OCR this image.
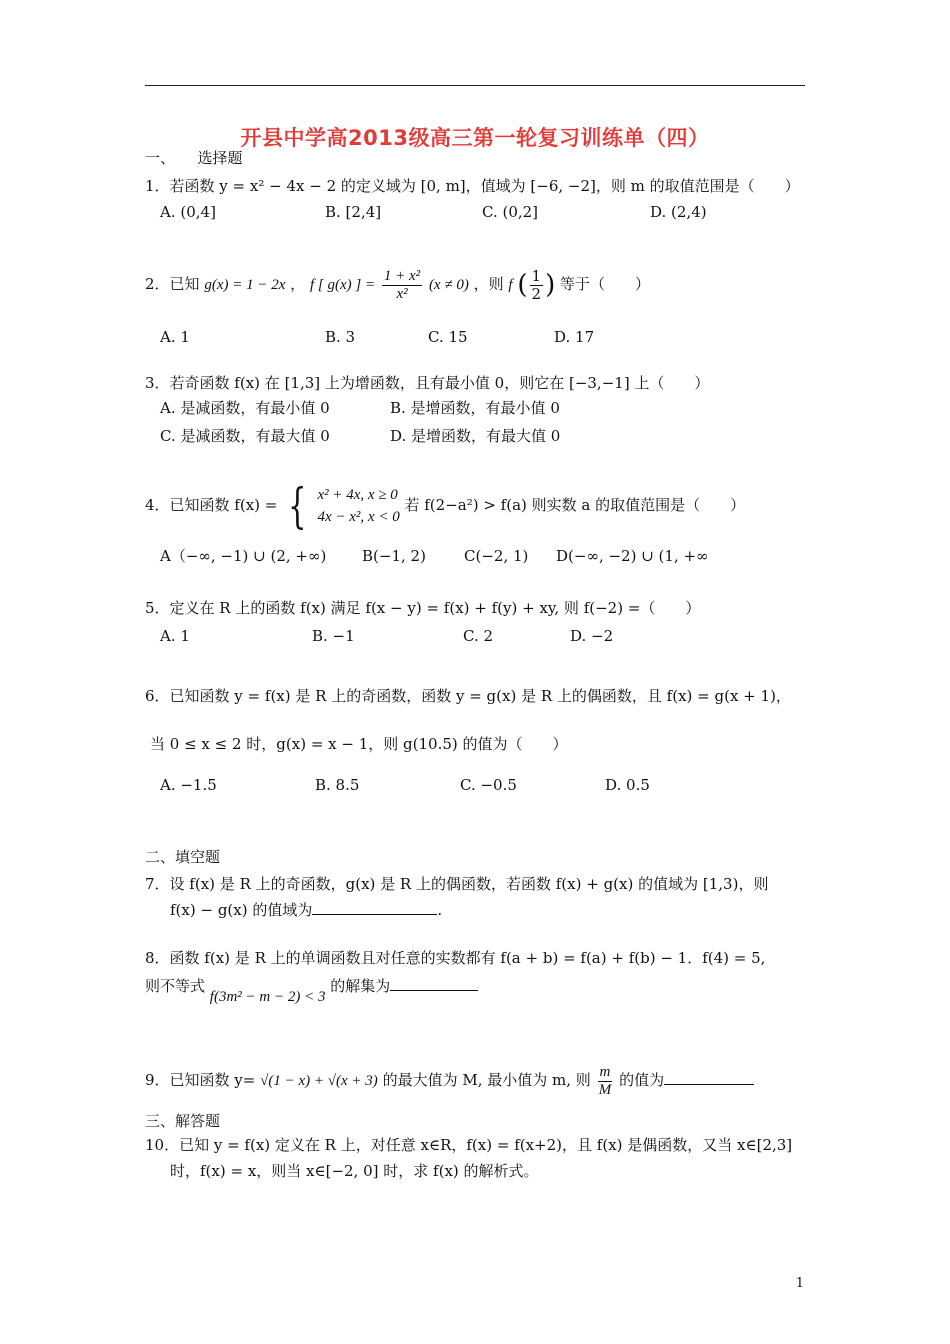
开县中学高2013级高三第一轮复习训练单（四）
一、　　选择题
1．若函数 y = x² − 4x − 2 的定义域为 [0, m]，值域为 [−6, −2]，则 m 的取值范围是（　　）
A. (0,4]	B. [2,4]	C. (0,2]	D. (2,4)
2．已知 g(x) = 1 − 2x ， f [ g(x) ] = $\frac{\text{1 + x²}}{\text{x²}} (x \ne 0)$ ，则 f ( $\frac{1}{2}$ ) 等于（　　）
A. 1	B. 3	C. 15	D. 17
3．若奇函数 f(x) 在 [1,3] 上为增函数，且有最小值 0，则它在 [−3,−1] 上（　　）
A. 是减函数，有最小值 0	B. 是增函数，有最小值 0
C. 是减函数，有最大值 0	D. 是增函数，有最大值 0
4．已知函数 f(x) = { x² + 4x, x ≥ 0
4x − x², x < 0
若 f(2−a²) > f(a) 则实数 a 的取值范围是（　　）
A（−∞, −1) ∪ (2, +∞) B(−1, 2)	C(−2, 1) D(−∞, −2) ∪ (1, +∞
5．定义在 R 上的函数 f(x) 满足 f(x − y) = f(x) + f(y) + xy, 则 f(−2) =（　　）
A. 1	B. −1	C. 2	D. −2
6．已知函数 y = f(x) 是 R 上的奇函数，函数 y = g(x) 是 R 上的偶函数，且 f(x) = g(x + 1)，
当 0 ≤ x ≤ 2 时，g(x) = x − 1，则 g(10.5) 的值为（　　）
A. −1.5	B. 8.5	C. −0.5	D. 0.5
二、填空题
7．设 f(x) 是 R 上的奇函数，g(x) 是 R 上的偶函数，若函数 f(x) + g(x) 的值域为 [1,3)，则
f(x) − g(x) 的值域为	.
8．函数 f(x) 是 R 上的单调函数且对任意的实数都有 f(a + b) = f(a) + f(b) − 1．f(4) = 5,
则不等式 f(3m² − m − 2) < 3 的解集为
9．已知函数 y= √(1 − x) + √(x + 3) 的最大值为 M, 最小值为 m, 则 $\frac{m}{M}$ 的值为
三、解答题
10．已知 y = f(x) 定义在 R 上，对任意 x∈R，f(x) = f(x+2)，且 f(x) 是偶函数，又当 x∈[2,3]
时，f(x) = x，则当 x∈[−2, 0] 时，求 f(x) 的解析式。
1
